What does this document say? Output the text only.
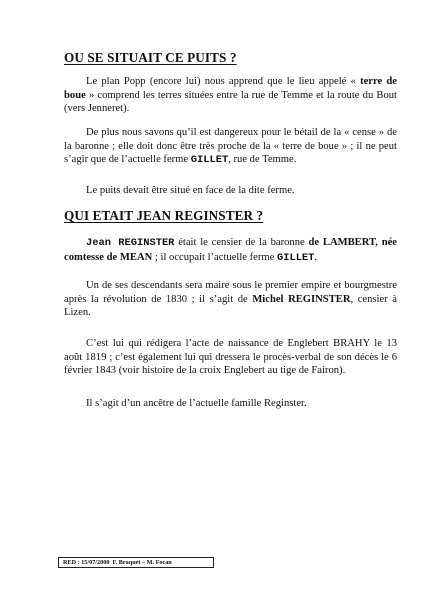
OU SE SITUAIT CE PUITS ?

Le plan Popp (encore lui) nous apprend que le lieu appelé « terre de boue » comprend les terres situées entre la rue de Temme et la route du Bout (vers Jenneret).

De plus nous savons qu’il est dangereux pour le bétail de la « cense » de la baronne ; elle doit donc être très proche de la « terre de boue » ; il ne peut s’agir que de l’actuelle ferme GILLET, rue de Temme.

Le puits devait être situé en face de la dite ferme.

QUI ETAIT JEAN REGINSTER ?

Jean REGINSTER était le censier de la baronne de LAMBERT, née comtesse de MEAN ; il occupait l’actuelle ferme GILLET.

Un de ses descendants sera maire sous le premier empire et bourgmestre après la révolution de 1830 ; il s’agit de Michel REGINSTER, censier à Lizen.

C’est lui qui rédigera l’acte de naissance de Englebert BRAHY le 13 août 1819 ; c’est également lui qui dressera le procès-verbal de son décès le 6 février 1843 (voir histoire de la croix Englebert au tige de Fairon).

Il s’agit d’un ancêtre de l’actuelle famille Reginster.

RED : 15/07/2000 F. Braquet – M. Focan
